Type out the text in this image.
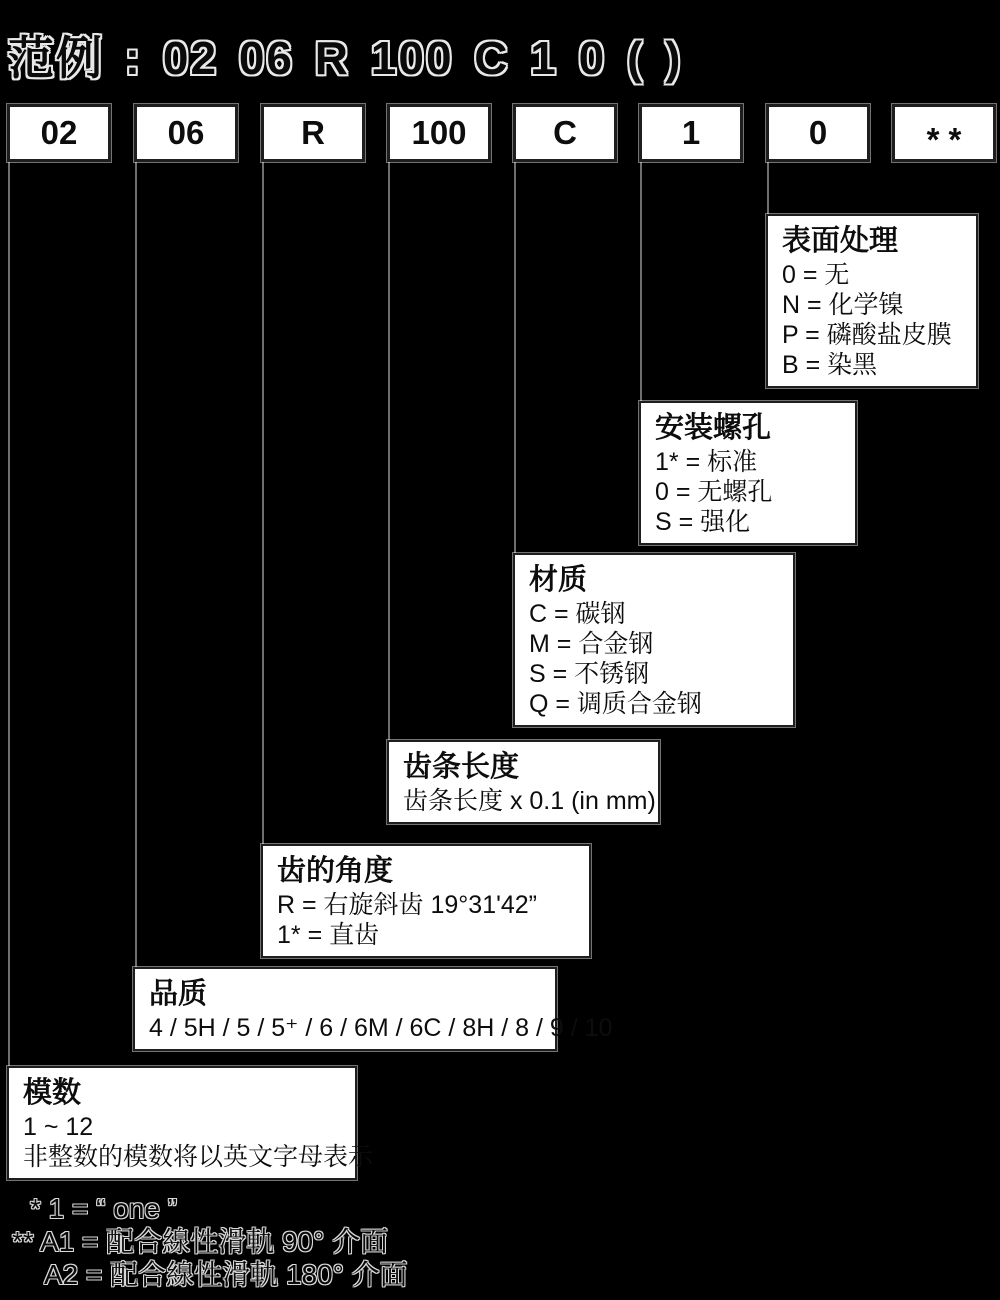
范例 : 02 06 R 100 C 1 0 ( )
02	06	R	100	C	1	0	**
表面处理
0 = 无
N = 化学镍
P = 磷酸盐皮膜
B = 染黑
安装螺孔
1* = 标准
0 = 无螺孔
S = 强化
材质
C = 碳钢
M = 合金钢
S = 不锈钢
Q = 调质合金钢
齿条长度
齿条长度 x 0.1 (in mm)
齿的角度
R = 右旋斜齿 19°31'42”
1* = 直齿
品质
4 / 5H / 5 / 5⁺ / 6 / 6M / 6C / 8H / 8 / 9 / 10
模数
1 ~ 12
非整数的模数将以英文字母表示
* 1 = “ one ”
** A1 = 配合線性滑軌 90° 介面
A2 = 配合線性滑軌 180° 介面
